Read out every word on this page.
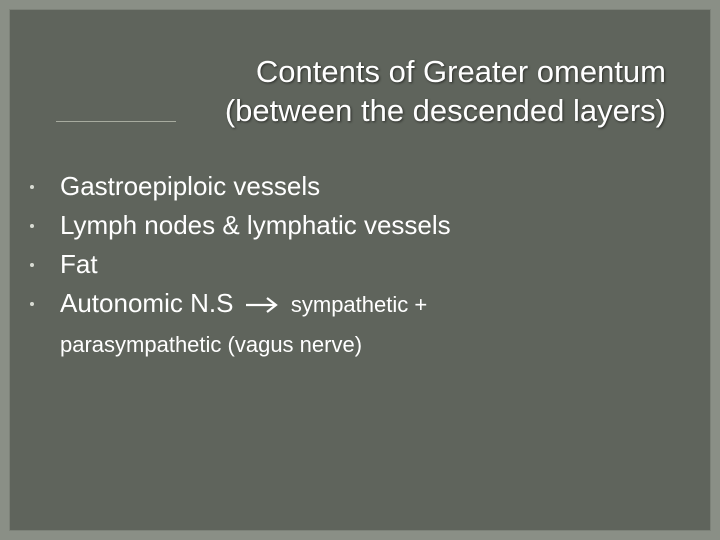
Contents of Greater omentum
(between the descended layers)
Gastroepiploic vessels
Lymph nodes & lymphatic vessels
Fat
Autonomic N.S	sympathetic +
parasympathetic (vagus nerve)
